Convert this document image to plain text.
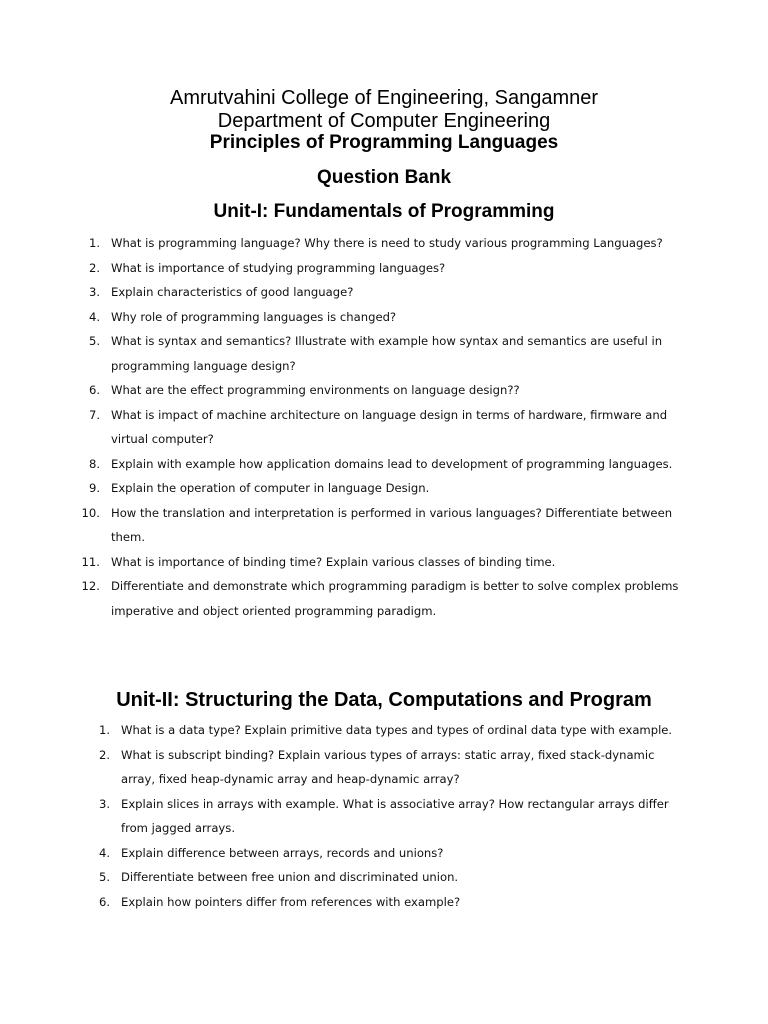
Amrutvahini College of Engineering, Sangamner
Department of Computer Engineering
Principles of Programming Languages
Question Bank
Unit-I: Fundamentals of Programming
1. What is programming language? Why there is need to study various programming Languages?
2. What is importance of studying programming languages?
3. Explain characteristics of good language?
4. Why role of programming languages is changed?
5. What is syntax and semantics? Illustrate with example how syntax and semantics are useful in programming language design?
6. What are the effect programming environments on language design??
7. What is impact of machine architecture on language design in terms of hardware, firmware and virtual computer?
8. Explain with example how application domains lead to development of programming languages.
9. Explain the operation of computer in language Design.
10. How the translation and interpretation is performed in various languages? Differentiate between them.
11. What is importance of binding time? Explain various classes of binding time.
12. Differentiate and demonstrate which programming paradigm is better to solve complex problems imperative and object oriented programming paradigm.
Unit-II: Structuring the Data, Computations and Program
1. What is a data type? Explain primitive data types and types of ordinal data type with example.
2. What is subscript binding? Explain various types of arrays: static array, fixed stack-dynamic array, fixed heap-dynamic array and heap-dynamic array?
3. Explain slices in arrays with example. What is associative array? How rectangular arrays differ from jagged arrays.
4. Explain difference between arrays, records and unions?
5. Differentiate between free union and discriminated union.
6. Explain how pointers differ from references with example?
